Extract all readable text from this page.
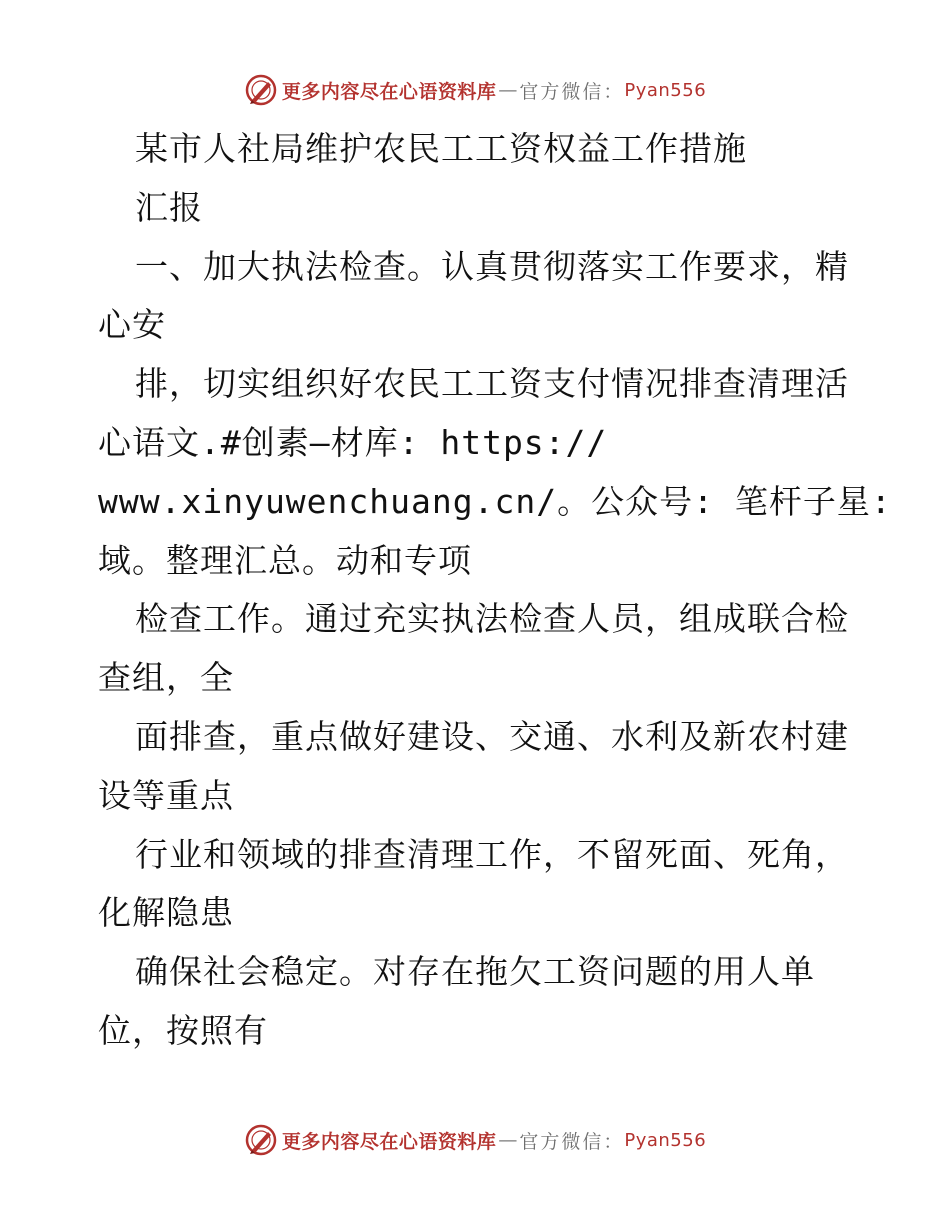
更多内容尽在心语资料库 — 官方微信： Pyan556
某市人社局维护农民工工资权益工作措施
汇报
一、加大执法检查。认真贯彻落实工作要求，精
心安
排，切实组织好农民工工资支付情况排查清理活
心语文.#创素—材库: https://
www.xinyuwenchuang.cn/。公众号: 笔杆子星:
域。整理汇总。动和专项
检查工作。通过充实执法检查人员，组成联合检
查组，全
面排查，重点做好建设、交通、水利及新农村建
设等重点
行业和领域的排查清理工作，不留死面、死角，
化解隐患
确保社会稳定。对存在拖欠工资问题的用人单
位，按照有
更多内容尽在心语资料库 — 官方微信： Pyan556
